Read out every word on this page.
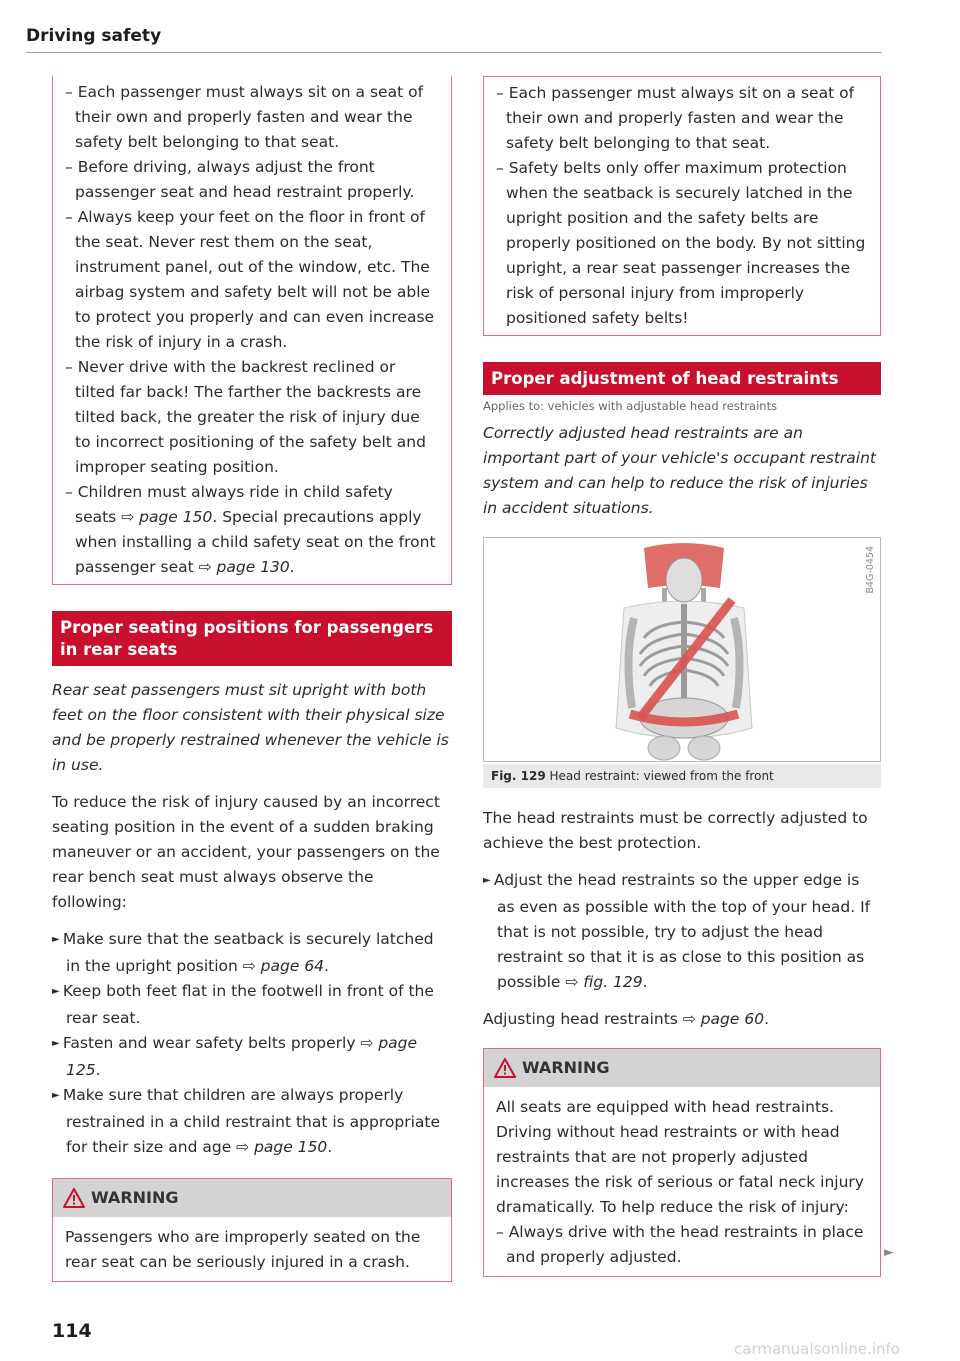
Driving safety
– Each passenger must always sit on a seat of their own and properly fasten and wear the safety belt belonging to that seat.
– Before driving, always adjust the front passenger seat and head restraint properly.
– Always keep your feet on the floor in front of the seat. Never rest them on the seat, instrument panel, out of the window, etc. The airbag system and safety belt will not be able to protect you properly and can even increase the risk of injury in a crash.
– Never drive with the backrest reclined or tilted far back! The farther the backrests are tilted back, the greater the risk of injury due to incorrect positioning of the safety belt and improper seating position.
– Children must always ride in child safety seats ⇨ page 150. Special precautions apply when installing a child safety seat on the front passenger seat ⇨ page 130.
Proper seating positions for passengers in rear seats

Rear seat passengers must sit upright with both feet on the floor consistent with their physical size and be properly restrained whenever the vehicle is in use.

To reduce the risk of injury caused by an incorrect seating position in the event of a sudden braking maneuver or an accident, your passengers on the rear bench seat must always observe the following:

► Make sure that the seatback is securely latched in the upright position ⇨ page 64.
► Keep both feet flat in the footwell in front of the rear seat.
► Fasten and wear safety belts properly ⇨ page 125.
► Make sure that children are always properly restrained in a child restraint that is appropriate for their size and age ⇨ page 150.
WARNING

Passengers who are improperly seated on the rear seat can be seriously injured in a crash.

– Each passenger must always sit on a seat of their own and properly fasten and wear the safety belt belonging to that seat.
– Safety belts only offer maximum protection when the seatback is securely latched in the upright position and the safety belts are properly positioned on the body. By not sitting upright, a rear seat passenger increases the risk of personal injury from improperly positioned safety belts!
Proper adjustment of head restraints

Applies to: vehicles with adjustable head restraints

Correctly adjusted head restraints are an important part of your vehicle's occupant restraint system and can help to reduce the risk of injuries in accident situations.

B4G-0454
Fig. 129 Head restraint: viewed from the front

The head restraints must be correctly adjusted to achieve the best protection.

► Adjust the head restraints so the upper edge is as even as possible with the top of your head. If that is not possible, try to adjust the head restraint so that it is as close to this position as possible ⇨ fig. 129.

Adjusting head restraints ⇨ page 60.

WARNING

All seats are equipped with head restraints. Driving without head restraints or with head restraints that are not properly adjusted increases the risk of serious or fatal neck injury dramatically. To help reduce the risk of injury:

– Always drive with the head restraints in place and properly adjusted.	►
114
carmanualsonline.info
